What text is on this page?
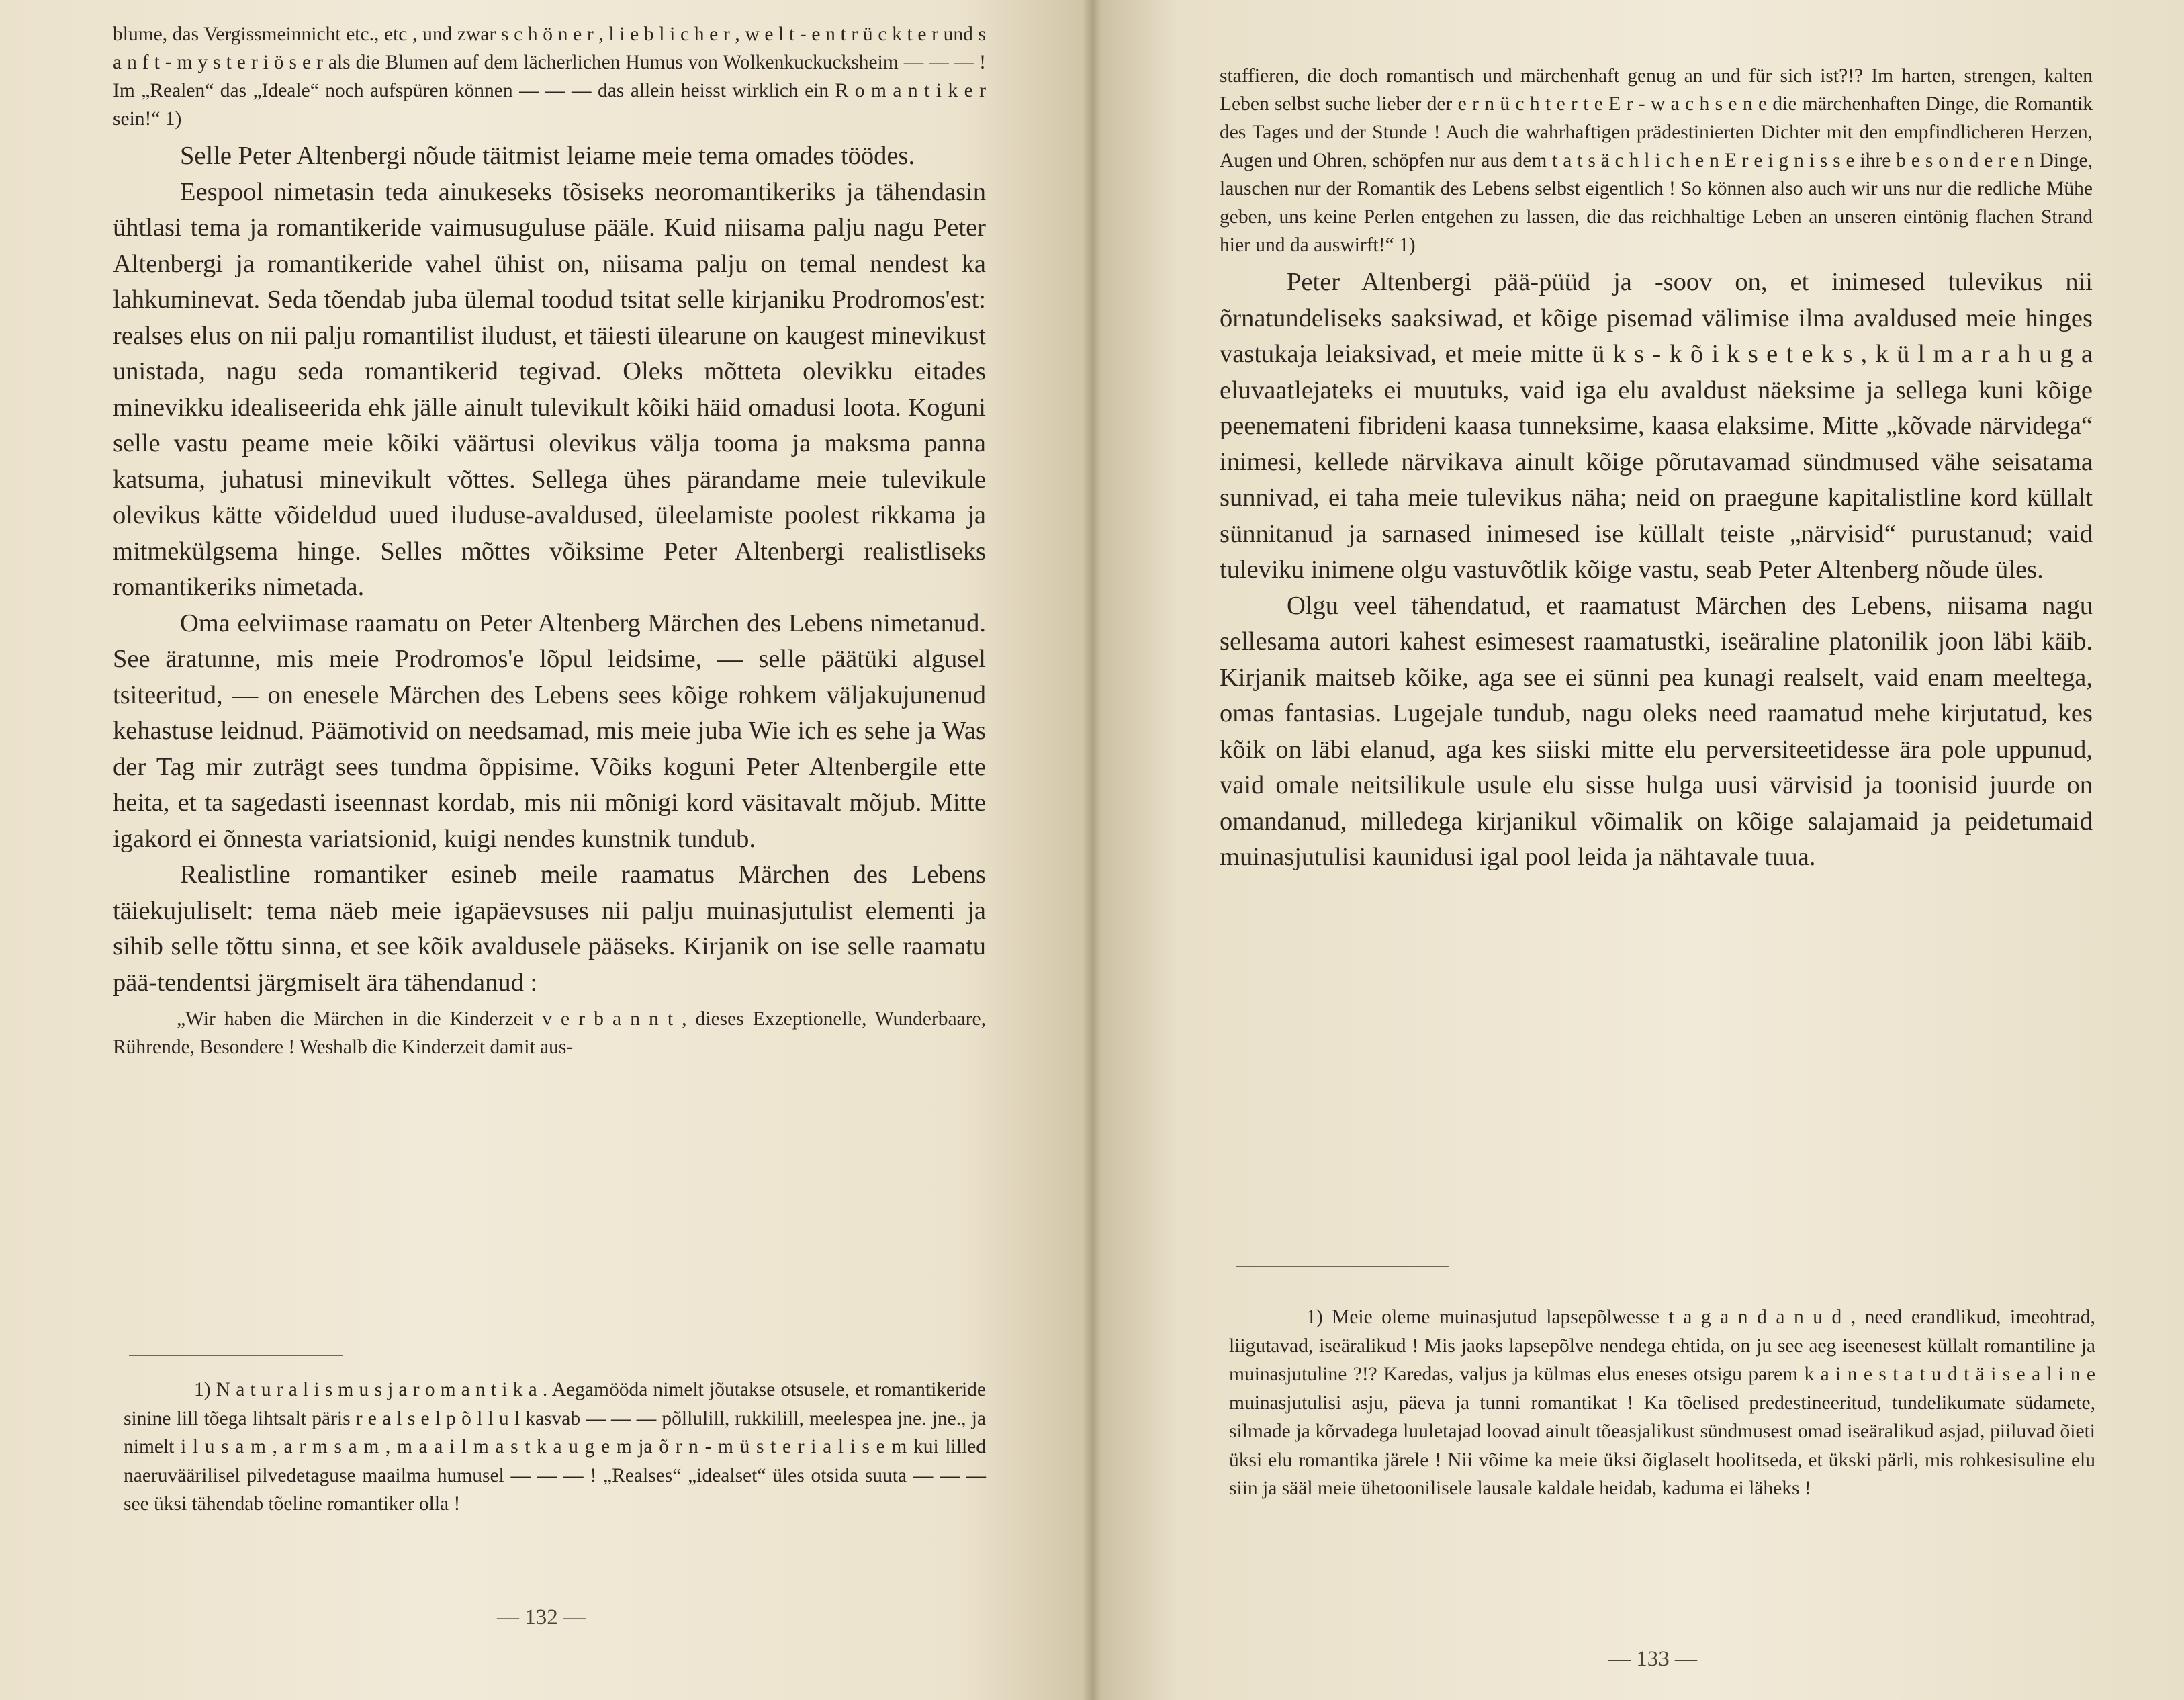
blume, das Vergissmeinnicht etc., etc , und zwar s c h ö n e r , l i e b l i c h e r , w e l t - e n t r ü c k t e r und s a n f t - m y s t e r i ö s e r als die Blumen auf dem lächerlichen Humus von Wolkenkuckucksheim — — — ! Im „Realen“ das „Ideale“ noch aufspüren können — — — das allein heisst wirklich ein R o m a n t i k e r sein!“ 1)

Selle Peter Altenbergi nõude täitmist leiame meie tema omades töödes.

Eespool nimetasin teda ainukeseks tõsiseks neoromantikeriks ja tähendasin ühtlasi tema ja romantikeride vaimusuguluse pääle. Kuid niisama palju nagu Peter Altenbergi ja romantikeride vahel ühist on, niisama palju on temal nendest ka lahkuminevat. Seda tõendab juba ülemal toodud tsitat selle kirjaniku Prodromos'est: realses elus on nii palju romantilist iludust, et täiesti ülearune on kaugest minevikust unistada, nagu seda romantikerid tegivad. Oleks mõtteta olevikku eitades minevikku idealiseerida ehk jälle ainult tulevikult kõiki häid omadusi loota. Koguni selle vastu peame meie kõiki väärtusi olevikus välja tooma ja maksma panna katsuma, juhatusi minevikult võttes. Sellega ühes pärandame meie tulevikule olevikus kätte võideldud uued iluduse-avaldused, üleelamiste poolest rikkama ja mitmekülgsema hinge. Selles mõttes võiksime Peter Altenbergi realistliseks romantikeriks nimetada.

Oma eelviimase raamatu on Peter Altenberg Märchen des Lebens nimetanud. See äratunne, mis meie Prodromos'e lõpul leidsime, — selle päätüki algusel tsiteeritud, — on enesele Märchen des Lebens sees kõige rohkem väljakujunenud kehastuse leidnud. Päämotivid on needsamad, mis meie juba Wie ich es sehe ja Was der Tag mir zuträgt sees tundma õppisime. Võiks koguni Peter Altenbergile ette heita, et ta sagedasti iseennast kordab, mis nii mõnigi kord väsitavalt mõjub. Mitte igakord ei õnnesta variatsionid, kuigi nendes kunstnik tundub.

Realistline romantiker esineb meile raamatus Märchen des Lebens täiekujuliselt: tema näeb meie igapäevsuses nii palju muinasjutulist elementi ja sihib selle tõttu sinna, et see kõik avaldusele pääseks. Kirjanik on ise selle raamatu pää-tendentsi järgmiselt ära tähendanud :

„Wir haben die Märchen in die Kinderzeit v e r b a n n t , dieses Exzeptionelle, Wunderbaare, Rührende, Besondere ! Weshalb die Kinderzeit damit aus-

1) N a t u r a l i s m u s j a r o m a n t i k a . Aegamööda nimelt jõutakse otsusele, et romantikeride sinine lill tõega lihtsalt päris r e a l s e l p õ l l u l kasvab — — — põllulill, rukkilill, meelespea jne. jne., ja nimelt i l u s a m , a r m s a m , m a a i l m a s t k a u g e m ja õ r n - m ü s t e r i a l i s e m kui lilled naeruväärilisel pilvedetaguse maailma humusel — — — ! „Realses“ „idealset“ üles otsida suuta — — — see üksi tähendab tõeline romantiker olla !
— 132 —

staffieren, die doch romantisch und märchenhaft genug an und für sich ist?!? Im harten, strengen, kalten Leben selbst suche lieber der e r n ü c h t e r t e E r - w a c h s e n e die märchenhaften Dinge, die Romantik des Tages und der Stunde ! Auch die wahrhaftigen prädestinierten Dichter mit den empfindlicheren Herzen, Augen und Ohren, schöpfen nur aus dem t a t s ä c h l i c h e n E r e i g n i s s e ihre b e s o n d e r e n Dinge, lauschen nur der Romantik des Lebens selbst eigentlich ! So können also auch wir uns nur die redliche Mühe geben, uns keine Perlen entgehen zu lassen, die das reichhaltige Leben an unseren eintönig flachen Strand hier und da auswirft!“ 1)

Peter Altenbergi pää-püüd ja -soov on, et inimesed tulevikus nii õrnatundeliseks saaksiwad, et kõige pisemad välimise ilma avaldused meie hinges vastukaja leiaksivad, et meie mitte ü k s - k õ i k s e t e k s , k ü l m a r a h u g a eluvaatlejateks ei muutuks, vaid iga elu avaldust näeksime ja sellega kuni kõige peenemateni fibrideni kaasa tunneksime, kaasa elaksime. Mitte „kõvade närvidega“ inimesi, kellede närvikava ainult kõige põrutavamad sündmused vähe seisatama sunnivad, ei taha meie tulevikus näha; neid on praegune kapitalistline kord küllalt sünnitanud ja sarnased inimesed ise küllalt teiste „närvisid“ purustanud; vaid tuleviku inimene olgu vastuvõtlik kõige vastu, seab Peter Altenberg nõude üles.

Olgu veel tähendatud, et raamatust Märchen des Lebens, niisama nagu sellesama autori kahest esimesest raamatustki, iseäraline platonilik joon läbi käib. Kirjanik maitseb kõike, aga see ei sünni pea kunagi realselt, vaid enam meeltega, omas fantasias. Lugejale tundub, nagu oleks need raamatud mehe kirjutatud, kes kõik on läbi elanud, aga kes siiski mitte elu perversiteetidesse ära pole uppunud, vaid omale neitsilikule usule elu sisse hulga uusi värvisid ja toonisid juurde on omandanud, milledega kirjanikul võimalik on kõige salajamaid ja peidetumaid muinasjutulisi kaunidusi igal pool leida ja nähtavale tuua.

1) Meie oleme muinasjutud lapsepõlwesse t a g a n d a n u d , need erandlikud, imeohtrad, liigutavad, iseäralikud ! Mis jaoks lapsepõlve nendega ehtida, on ju see aeg iseenesest küllalt romantiline ja muinasjutuline ?!? Karedas, valjus ja külmas elus eneses otsigu parem k a i n e s t a t u d t ä i s e a l i n e muinasjutulisi asju, päeva ja tunni romantikat ! Ka tõelised predestineeritud, tundelikumate südamete, silmade ja kõrvadega luuletajad loovad ainult tõeasjalikust sündmusest omad iseäralikud asjad, piiluvad õieti üksi elu romantika järele ! Nii võime ka meie üksi õiglaselt hoolitseda, et ükski pärli, mis rohkesisuline elu siin ja sääl meie ühetoonilisele lausale kaldale heidab, kaduma ei läheks !
— 133 —
